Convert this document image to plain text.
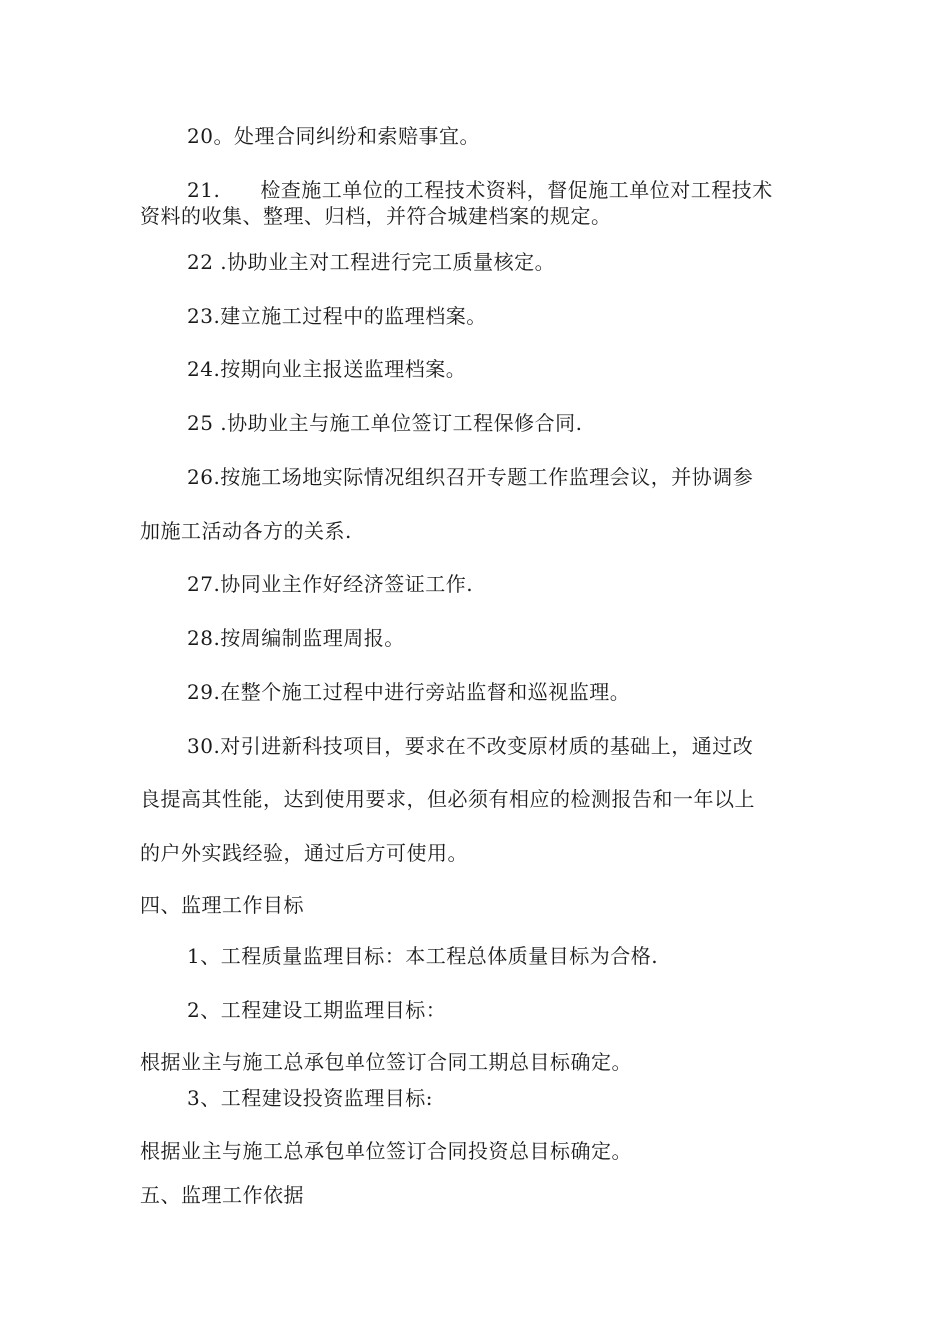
20。处理合同纠纷和索赔事宜。
21. 检查施工单位的工程技术资料，督促施工单位对工程技术
资料的收集、整理、归档，并符合城建档案的规定。
22 .协助业主对工程进行完工质量核定。
23.建立施工过程中的监理档案。
24.按期向业主报送监理档案。
25 .协助业主与施工单位签订工程保修合同.
26.按施工场地实际情况组织召开专题工作监理会议，并协调参
加施工活动各方的关系.
27.协同业主作好经济签证工作.
28.按周编制监理周报。
29.在整个施工过程中进行旁站监督和巡视监理。
30.对引进新科技项目，要求在不改变原材质的基础上，通过改
良提高其性能，达到使用要求，但必须有相应的检测报告和一年以上
的户外实践经验，通过后方可使用。
四、监理工作目标
1、工程质量监理目标：本工程总体质量目标为合格.
2、工程建设工期监理目标：
根据业主与施工总承包单位签订合同工期总目标确定。
3、工程建设投资监理目标:
根据业主与施工总承包单位签订合同投资总目标确定。
五、监理工作依据
